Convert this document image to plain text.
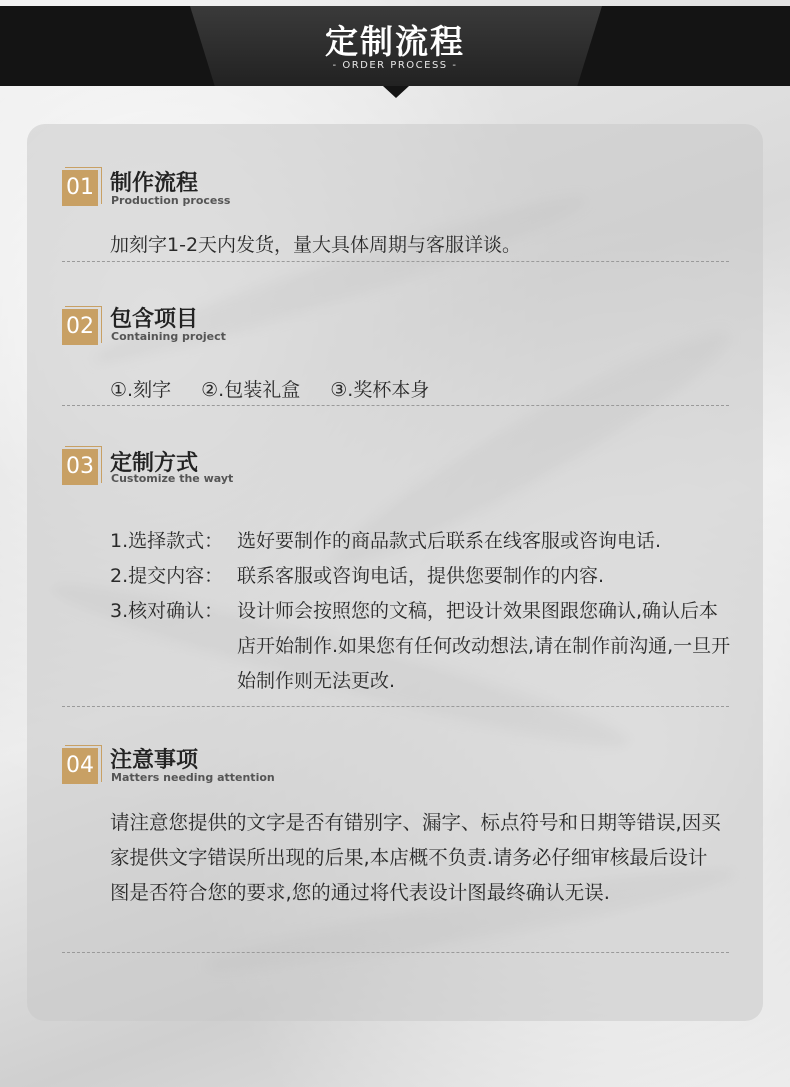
定制流程
- ORDER PROCESS -
01 制作流程
Production process
加刻字1-2天内发货，量大具体周期与客服详谈。
02 包含项目
Containing project
①.刻字 ②.包装礼盒 ③.奖杯本身
03 定制方式
Customize the wayt
1.选择款式： 选好要制作的商品款式后联系在线客服或咨询电话.
2.提交内容： 联系客服或咨询电话，提供您要制作的内容.
3.核对确认： 设计师会按照您的文稿，把设计效果图跟您确认,确认后本店开始制作.如果您有任何改动想法,请在制作前沟通,一旦开始制作则无法更改.
04 注意事项
Matters needing attention
请注意您提供的文字是否有错别字、漏字、标点符号和日期等错误,因买家提供文字错误所出现的后果,本店概不负责.请务必仔细审核最后设计图是否符合您的要求,您的通过将代表设计图最终确认无误.
